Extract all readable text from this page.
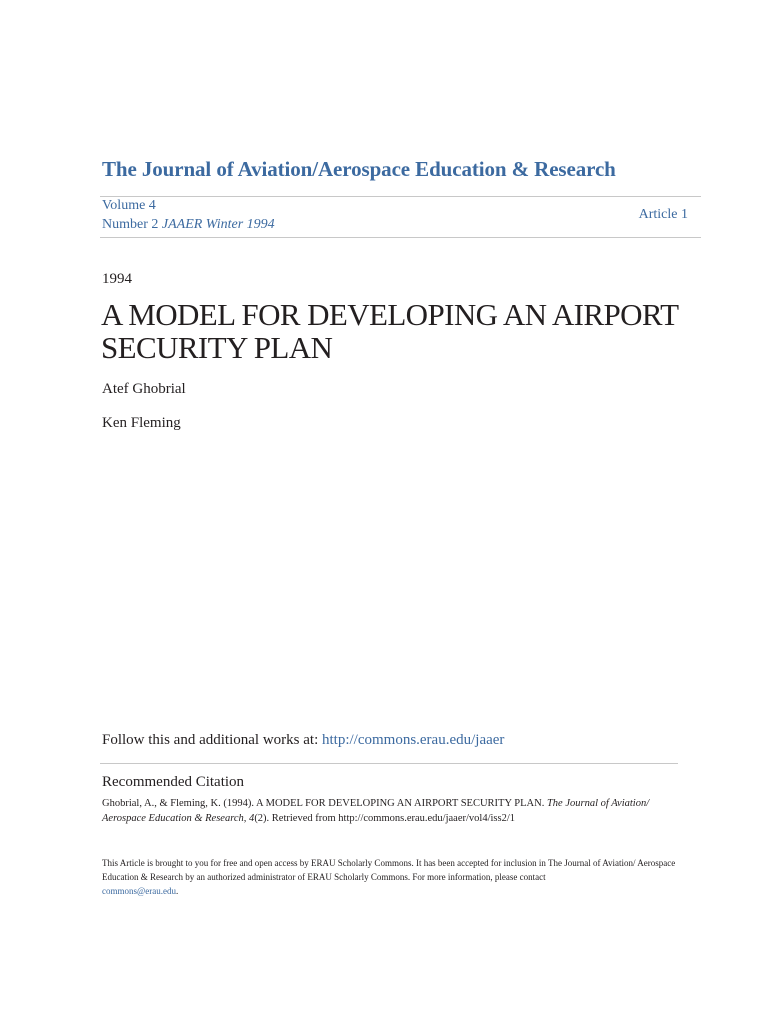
The Journal of Aviation/Aerospace Education & Research
Volume 4
Number 2 JAAER Winter 1994
Article 1
1994
A MODEL FOR DEVELOPING AN AIRPORT SECURITY PLAN
Atef Ghobrial
Ken Fleming
Follow this and additional works at: http://commons.erau.edu/jaaer
Recommended Citation
Ghobrial, A., & Fleming, K. (1994). A MODEL FOR DEVELOPING AN AIRPORT SECURITY PLAN. The Journal of Aviation/ Aerospace Education & Research, 4(2). Retrieved from http://commons.erau.edu/jaaer/vol4/iss2/1
This Article is brought to you for free and open access by ERAU Scholarly Commons. It has been accepted for inclusion in The Journal of Aviation/ Aerospace Education & Research by an authorized administrator of ERAU Scholarly Commons. For more information, please contact
commons@erau.edu.
